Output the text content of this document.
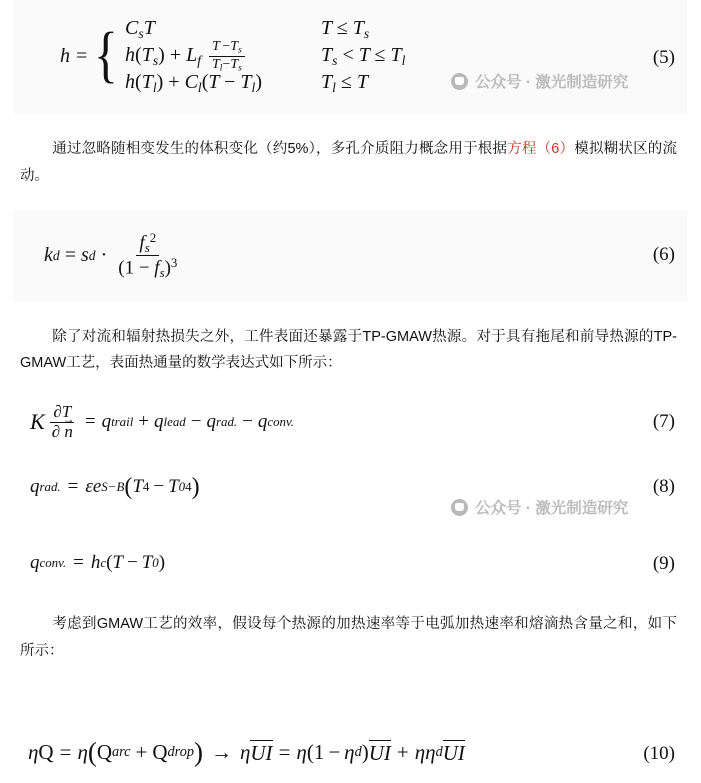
h = { $C_sT$	$T \le T_s$
$h(T_s) + L_f \frac{T -T_s}{T_l-T_s}$	$T_s < T \le T_l$
$h(T_l) + C_l(T - T_l)$	$T_l \le T$
(5)
公众号 · 激光制造研究

通过忽略随相变发生的体积变化（约5%），多孔介质阻力概念用于根据方程（6）模拟糊状区的流动。

k d = s $d \cdot \frac{f_s^2}{(1 - f_s)^3}$	(6)

除了对流和辐射热损失之外，工件表面还暴露于TP-GMAW热源。对于具有拖尾和前导热源的TP-GMAW工艺，表面热通量的数学表达式如下所示：

K $\frac{\partial T}{\partial n}$ → = q trail + q lead − q rad. − q conv.	(7)
q rad. = εe S−B ( T 4 − T 0 4 )	(8)
q conv. = h c ( T − T 0 )	(9)
公众号 · 激光制造研究

考虑到GMAW工艺的效率，假设每个热源的加热速率等于电弧加热速率和熔滴热含量之和，如下所示：

η Q = η ( Q arc + Q drop ) → η UI = η ( 1 − η d ) UI + ηη d UI	(10)
